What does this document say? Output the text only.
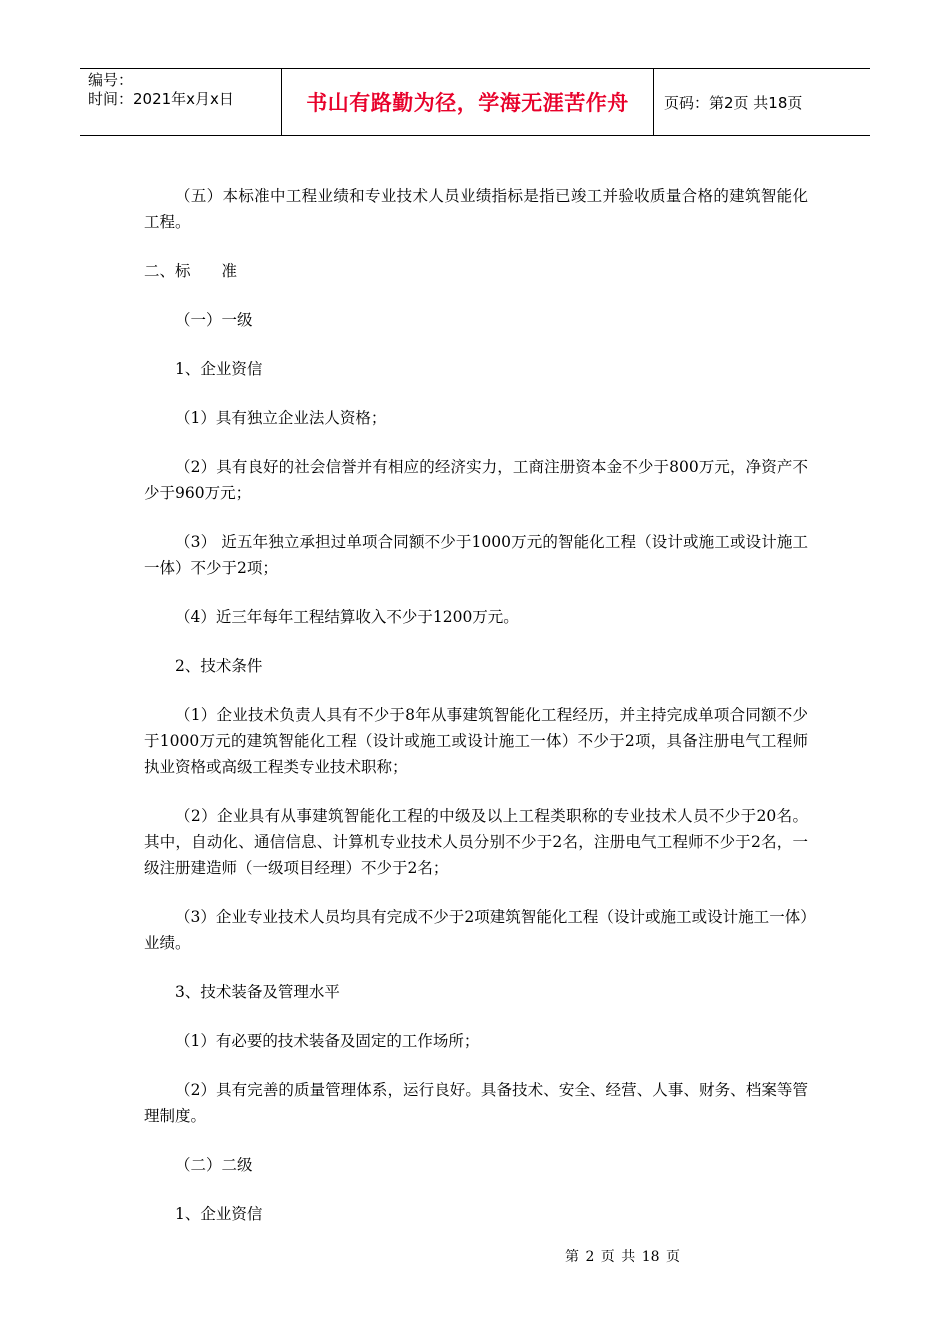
编号：
时间：2021年x月x日	书山有路勤为径，学海无涯苦作舟	页码：第2页 共18页

（五）本标准中工程业绩和专业技术人员业绩指标是指已竣工并验收质量合格的建筑智能化工程。

二、标　　准

（一）一级

1、企业资信

（1）具有独立企业法人资格；

（2）具有良好的社会信誉并有相应的经济实力，工商注册资本金不少于800万元，净资产不少于960万元；

（3） 近五年独立承担过单项合同额不少于1000万元的智能化工程（设计或施工或设计施工一体）不少于2项；

（4）近三年每年工程结算收入不少于1200万元。

2、技术条件

（1）企业技术负责人具有不少于8年从事建筑智能化工程经历，并主持完成单项合同额不少于1000万元的建筑智能化工程（设计或施工或设计施工一体）不少于2项，具备注册电气工程师执业资格或高级工程类专业技术职称；

（2）企业具有从事建筑智能化工程的中级及以上工程类职称的专业技术人员不少于20名。其中，自动化、通信信息、计算机专业技术人员分别不少于2名，注册电气工程师不少于2名，一级注册建造师（一级项目经理）不少于2名；

（3）企业专业技术人员均具有完成不少于2项建筑智能化工程（设计或施工或设计施工一体）业绩。

3、技术装备及管理水平

（1）有必要的技术装备及固定的工作场所；

（2）具有完善的质量管理体系，运行良好。具备技术、安全、经营、人事、财务、档案等管理制度。

（二）二级

1、企业资信

第 2 页 共 18 页
